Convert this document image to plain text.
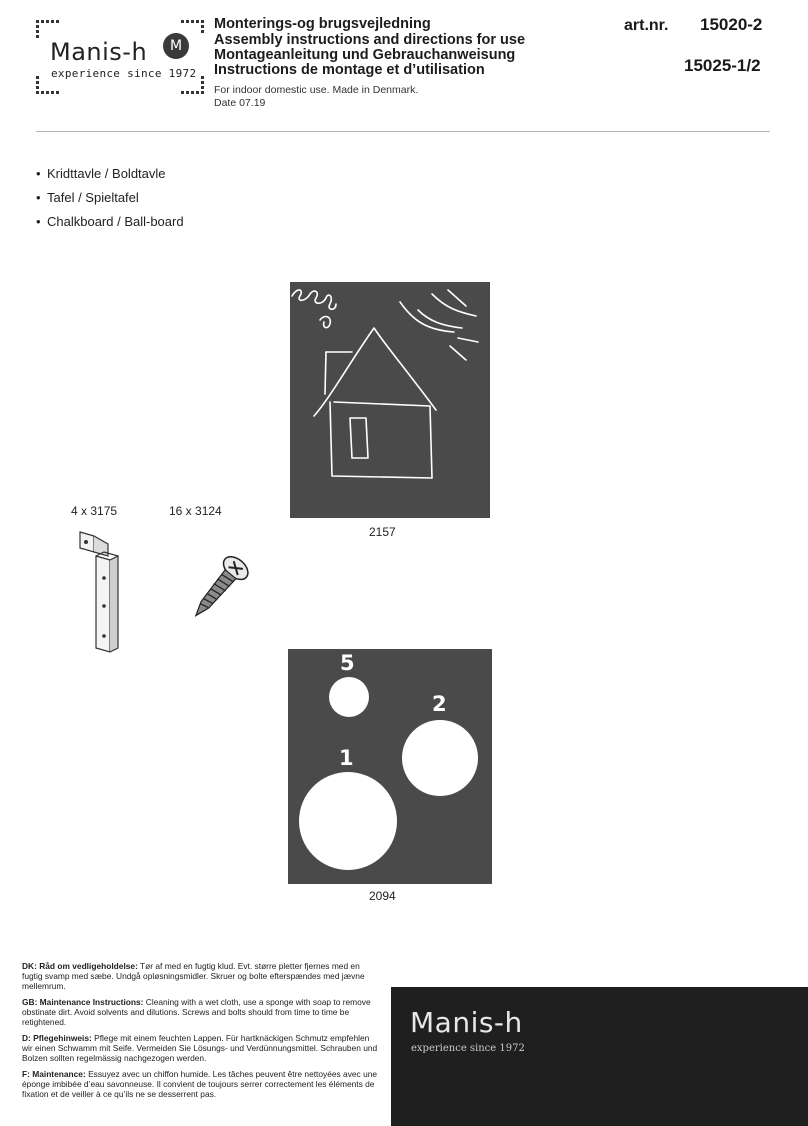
Manis-h	M
experience since 1972
Monterings-og brugsvejledning
Assembly instructions and directions for use
Montageanleitung und Gebrauchanweisung
Instructions de montage et d’utilisation
For indoor domestic use. Made in Denmark.
Date 07.19
art.nr. 15020-2
15025-1/2
• Kridttavle / Boldtavle
• Tafel / Spieltafel
• Chalkboard / Ball-board
2157
4 x 3175	16 x 3124
5
2
1
2094
DK: Råd om vedligeholdelse: Tør af med en fugtig klud. Evt. større pletter fjernes med en fugtig svamp med sæbe. Undgå opløsningsmidler. Skruer og bolte efterspændes med jævne mellemrum.
GB: Maintenance Instructions: Cleaning with a wet cloth, use a sponge with soap to remove obstinate dirt. Avoid solvents and dilutions. Screws and bolts should from time to time be retightened.
D: Pflegehinweis: Pflege mit einem feuchten Lappen. Für hartknäckigen Schmutz empfehlen wir einen Schwamm mit Seife. Vermeiden Sie Lösungs- und Verdünnungsmittel. Schrauben und Bolzen sollten regelmässig nachgezogen werden.
F: Maintenance: Essuyez avec un chiffon humide. Les tâches peuvent être nettoyées avec une éponge imbibée d’eau savonneuse. Il convient de toujours serrer correctement les éléments de fixation et de veiller à ce qu’ils ne se desserrent pas.
Manis-h
experience since 1972
